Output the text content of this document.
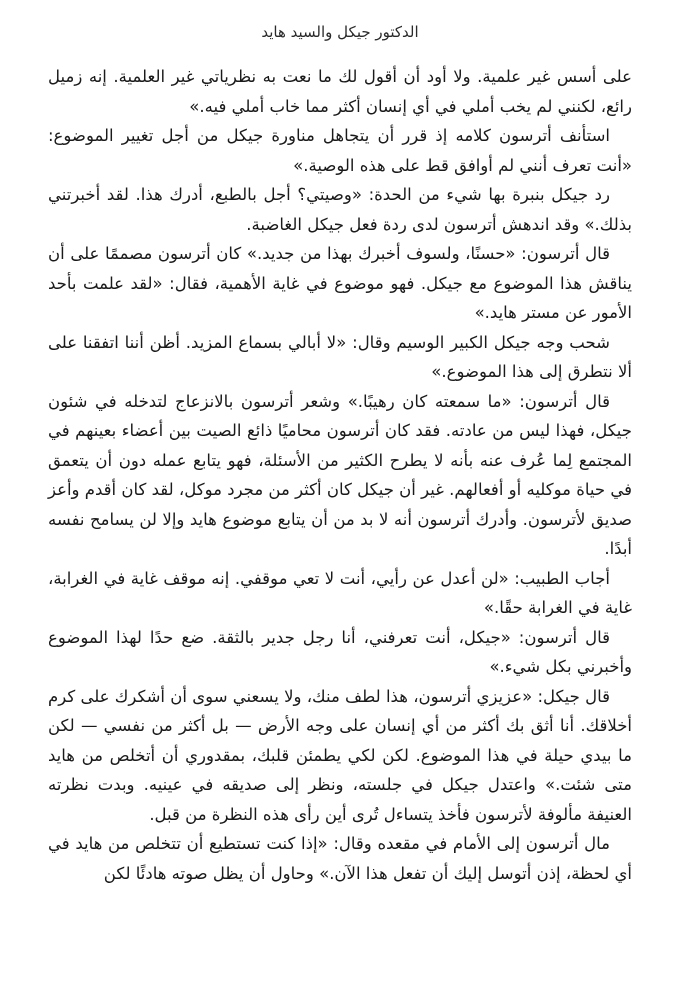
الدكتور جيكل والسيد هايد

على أسس غير علمية. ولا أود أن أقول لك ما نعت به نظرياتي غير العلمية. إنه زميل رائع، لكنني لم يخب أملي في أي إنسان أكثر مما خاب أملي فيه.»

استأنف أترسون كلامه إذ قرر أن يتجاهل مناورة جيكل من أجل تغيير الموضوع: «أنت تعرف أنني لم أوافق قط على هذه الوصية.»

رد جيكل بنبرة بها شيء من الحدة: «وصيتي؟ أجل بالطبع، أدرك هذا. لقد أخبرتني بذلك.» وقد اندهش أترسون لدى ردة فعل جيكل الغاضبة.

قال أترسون: «حسنًا، ولسوف أخبرك بهذا من جديد.» كان أترسون مصممًا على أن يناقش هذا الموضوع مع جيكل. فهو موضوع في غاية الأهمية، فقال: «لقد علمت بأحد الأمور عن مستر هايد.»

شحب وجه جيكل الكبير الوسيم وقال: «لا أبالي بسماع المزيد. أظن أننا اتفقنا على ألا نتطرق إلى هذا الموضوع.»

قال أترسون: «ما سمعته كان رهيبًا.» وشعر أترسون بالانزعاج لتدخله في شئون جيكل، فهذا ليس من عادته. فقد كان أترسون محاميًا ذائع الصيت بين أعضاء بعينهم في المجتمع لِما عُرف عنه بأنه لا يطرح الكثير من الأسئلة، فهو يتابع عمله دون أن يتعمق في حياة موكليه أو أفعالهم. غير أن جيكل كان أكثر من مجرد موكل، لقد كان أقدم وأعز صديق لأترسون. وأدرك أترسون أنه لا بد من أن يتابع موضوع هايد وإلا لن يسامح نفسه أبدًا.

أجاب الطبيب: «لن أعدل عن رأيي، أنت لا تعي موقفي. إنه موقف غاية في الغرابة، غاية في الغرابة حقًا.»

قال أترسون: «جيكل، أنت تعرفني، أنا رجل جدير بالثقة. ضع حدًا لهذا الموضوع وأخبرني بكل شيء.»

قال جيكل: «عزيزي أترسون، هذا لطف منك، ولا يسعني سوى أن أشكرك على كرم أخلاقك. أنا أثق بك أكثر من أي إنسان على وجه الأرض — بل أكثر من نفسي — لكن ما بيدي حيلة في هذا الموضوع. لكن لكي يطمئن قلبك، بمقدوري أن أتخلص من هايد متى شئت.» واعتدل جيكل في جلسته، ونظر إلى صديقه في عينيه. وبدت نظرته العنيفة مألوفة لأترسون فأخذ يتساءل تُرى أين رأى هذه النظرة من قبل.

مال أترسون إلى الأمام في مقعده وقال: «إذا كنت تستطيع أن تتخلص من هايد في أي لحظة، إذن أتوسل إليك أن تفعل هذا الآن.» وحاول أن يظل صوته هادئًا لكن
